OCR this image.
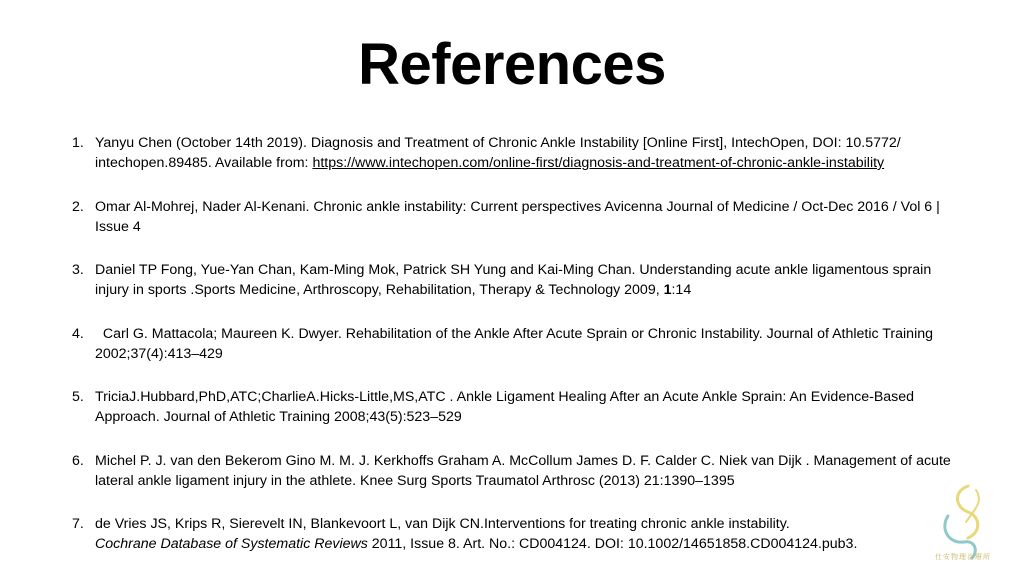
References
1. Yanyu Chen (October 14th 2019). Diagnosis and Treatment of Chronic Ankle Instability [Online First], IntechOpen, DOI: 10.5772/ intechopen.89485. Available from: https://www.intechopen.com/online-first/diagnosis-and-treatment-of-chronic-ankle-instability
2. Omar Al-Mohrej, Nader Al-Kenani. Chronic ankle instability: Current perspectives Avicenna Journal of Medicine / Oct-Dec 2016 / Vol 6 | Issue 4
3. Daniel TP Fong, Yue-Yan Chan, Kam-Ming Mok, Patrick SH Yung and Kai-Ming Chan. Understanding acute ankle ligamentous sprain injury in sports .Sports Medicine, Arthroscopy, Rehabilitation, Therapy & Technology 2009, 1:14
4. Carl G. Mattacola; Maureen K. Dwyer. Rehabilitation of the Ankle After Acute Sprain or Chronic Instability. Journal of Athletic Training 2002;37(4):413–429
5. TriciaJ.Hubbard,PhD,ATC;CharlieA.Hicks-Little,MS,ATC . Ankle Ligament Healing After an Acute Ankle Sprain: An Evidence-Based Approach. Journal of Athletic Training 2008;43(5):523–529
6. Michel P. J. van den Bekerom Gino M. M. J. Kerkhoffs Graham A. McCollum James D. F. Calder C. Niek van Dijk . Management of acute lateral ankle ligament injury in the athlete. Knee Surg Sports Traumatol Arthrosc (2013) 21:1390–1395
7. de Vries JS, Krips R, Sierevelt IN, Blankevoort L, van Dijk CN.Interventions for treating chronic ankle instability.
Cochrane Database of Systematic Reviews 2011, Issue 8. Art. No.: CD004124. DOI: 10.1002/14651858.CD004124.pub3.
仕安物理治療所
